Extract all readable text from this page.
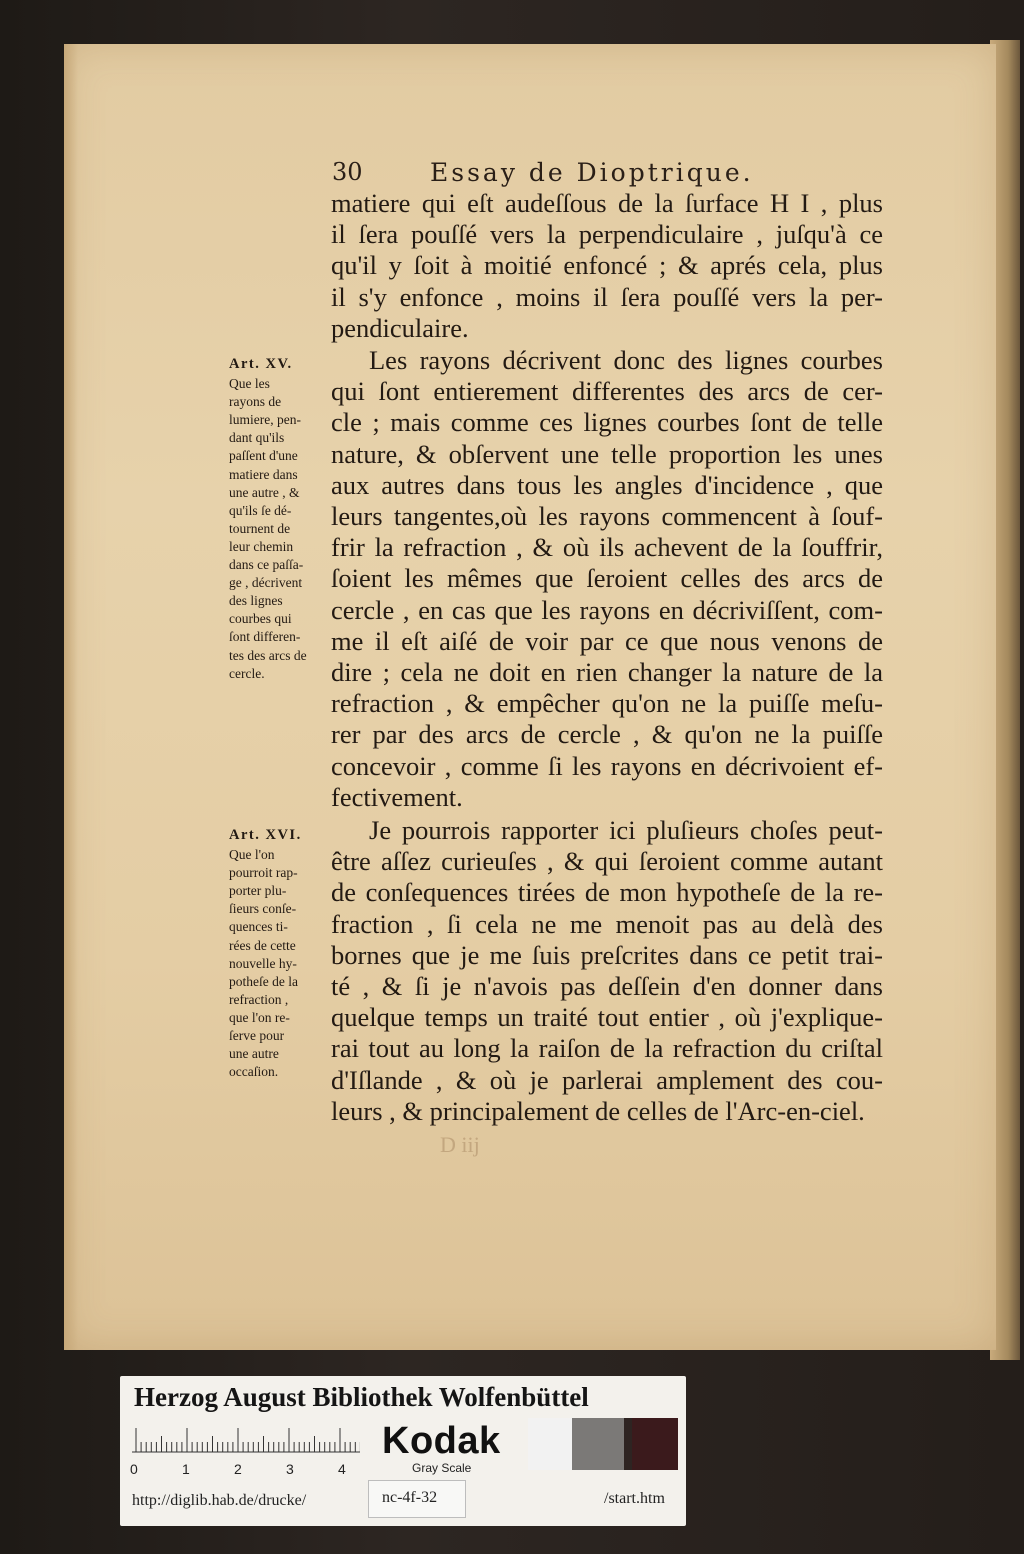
30	Essay de Dioptrique.
matiere qui eſt audeſſous de la ſurface H I , plus
il ſera pouſſé vers la perpendiculaire , juſqu'à ce
qu'il y ſoit à moitié enfoncé ; & aprés cela, plus
il s'y enfonce , moins il ſera pouſſé vers la per-
pendiculaire.
Les rayons décrivent donc des lignes courbes
qui ſont entierement differentes des arcs de cer-
cle ; mais comme ces lignes courbes ſont de telle
nature, & obſervent une telle proportion les unes
aux autres dans tous les angles d'incidence , que
leurs tangentes,où les rayons commencent à ſouf-
frir la refraction , & où ils achevent de la ſouffrir,
ſoient les mêmes que ſeroient celles des arcs de
cercle , en cas que les rayons en décriviſſent, com-
me il eſt aiſé de voir par ce que nous venons de
dire ; cela ne doit en rien changer la nature de la
refraction , & empêcher qu'on ne la puiſſe meſu-
rer par des arcs de cercle , & qu'on ne la puiſſe
concevoir , comme ſi les rayons en décrivoient ef-
fectivement.
Je pourrois rapporter ici pluſieurs choſes peut-
être aſſez curieuſes , & qui ſeroient comme autant
de conſequences tirées de mon hypotheſe de la re-
fraction , ſi cela ne me menoit pas au delà des
bornes que je me ſuis preſcrites dans ce petit trai-
té , & ſi je n'avois pas deſſein d'en donner dans
quelque temps un traité tout entier , où j'explique-
rai tout au long la raiſon de la refraction du criſtal
d'Iſlande , & où je parlerai amplement des cou-
leurs , & principalement de celles de l'Arc-en-ciel.
Art. XV.
Que les
rayons de
lumiere, pen-
dant qu'ils
paſſent d'une
matiere dans
une autre , &
qu'ils ſe dé-
tournent de
leur chemin
dans ce paſſa-
ge , décrivent
des lignes
courbes qui
ſont differen-
tes des arcs de
cercle.
Art. XVI.
Que l'on
pourroit rap-
porter plu-
ſieurs conſe-
quences ti-
rées de cette
nouvelle hy-
potheſe de la
refraction ,
que l'on re-
ſerve pour
une autre
occaſion.
D iij
Herzog August Bibliothek Wolfenbüttel
0	1	2	3	4
Kodak
Gray Scale
http://diglib.hab.de/drucke/	nc-4f-32	/start.htm
